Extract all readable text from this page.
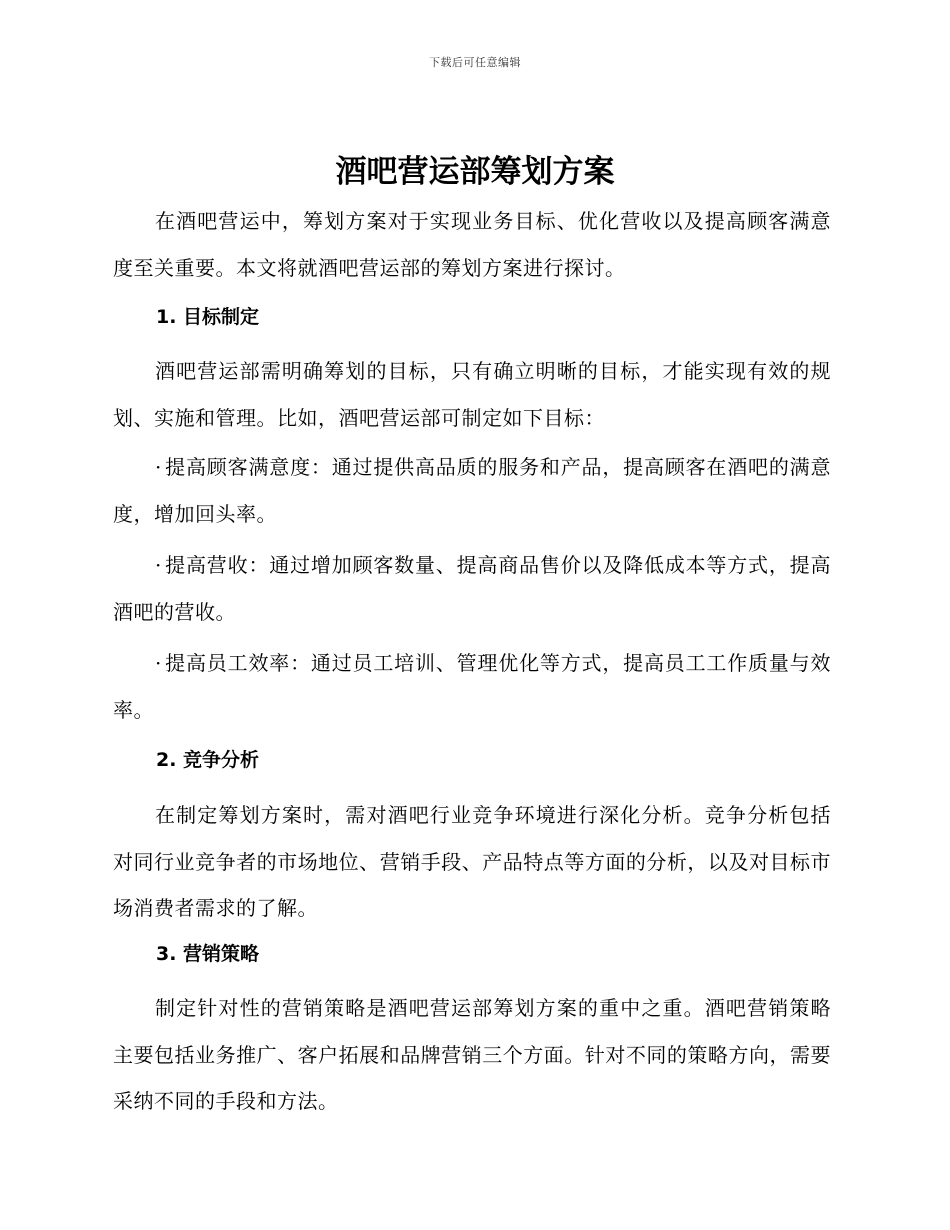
下载后可任意编辑
酒吧营运部筹划方案

在酒吧营运中，筹划方案对于实现业务目标、优化营收以及提高顾客满意度至关重要。本文将就酒吧营运部的筹划方案进行探讨。

1. 目标制定

酒吧营运部需明确筹划的目标，只有确立明晰的目标，才能实现有效的规划、实施和管理。比如，酒吧营运部可制定如下目标：

· 提高顾客满意度：通过提供高品质的服务和产品，提高顾客在酒吧的满意度，增加回头率。

· 提高营收：通过增加顾客数量、提高商品售价以及降低成本等方式，提高酒吧的营收。

· 提高员工效率：通过员工培训、管理优化等方式，提高员工工作质量与效率。

2. 竞争分析

在制定筹划方案时，需对酒吧行业竞争环境进行深化分析。竞争分析包括对同行业竞争者的市场地位、营销手段、产品特点等方面的分析，以及对目标市场消费者需求的了解。

3. 营销策略

制定针对性的营销策略是酒吧营运部筹划方案的重中之重。酒吧营销策略主要包括业务推广、客户拓展和品牌营销三个方面。针对不同的策略方向，需要采纳不同的手段和方法。
